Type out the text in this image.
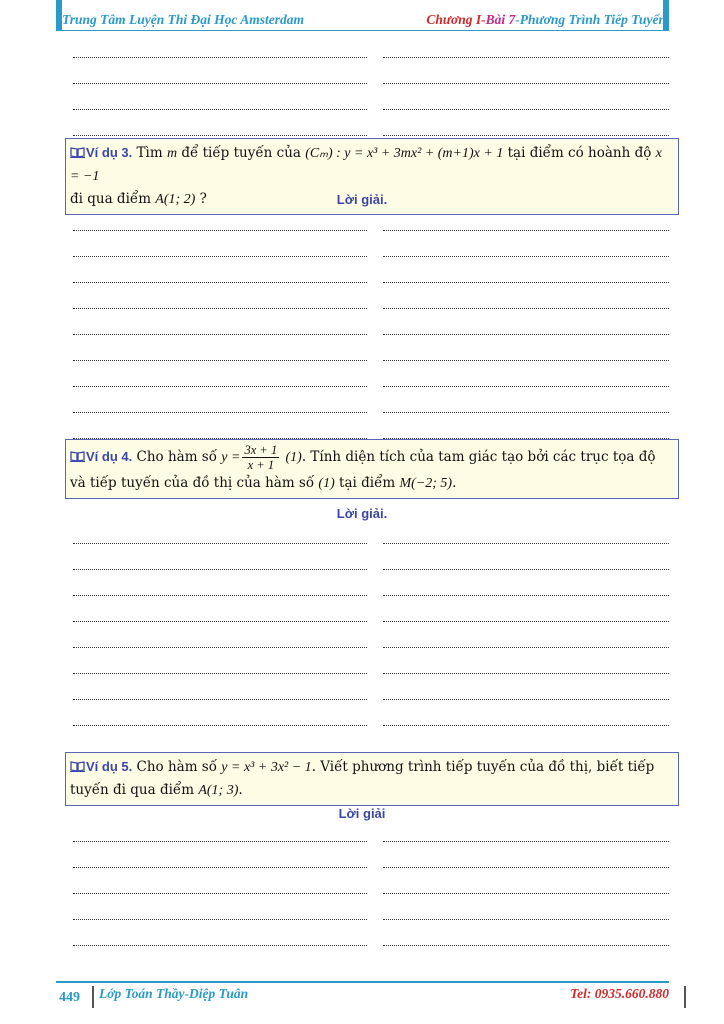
Trung Tâm Luyện Thi Đại Học Amsterdam	Chương I-Bài 7-Phương Trình Tiếp Tuyến
Ví dụ 3. Tìm m để tiếp tuyến của (Cₘ) : y = x³ + 3mx² + (m+1)x + 1 tại điểm có hoành độ x = −1
đi qua điểm A(1; 2) ?	Lời giải.
Ví dụ 4. Cho hàm số $y = \frac{3x + 1}{x + 1} (1)$. Tính diện tích của tam giác tạo bởi các trục tọa độ và tiếp tuyến của đồ thị của hàm số (1) tại điểm M(−2; 5).
Lời giải.
Ví dụ 5. Cho hàm số y = x³ + 3x² − 1. Viết phương trình tiếp tuyến của đồ thị, biết tiếp tuyến đi qua điểm A(1; 3).
Lời giải
449 Lớp Toán Thầy-Diệp Tuân	Tel: 0935.660.880
